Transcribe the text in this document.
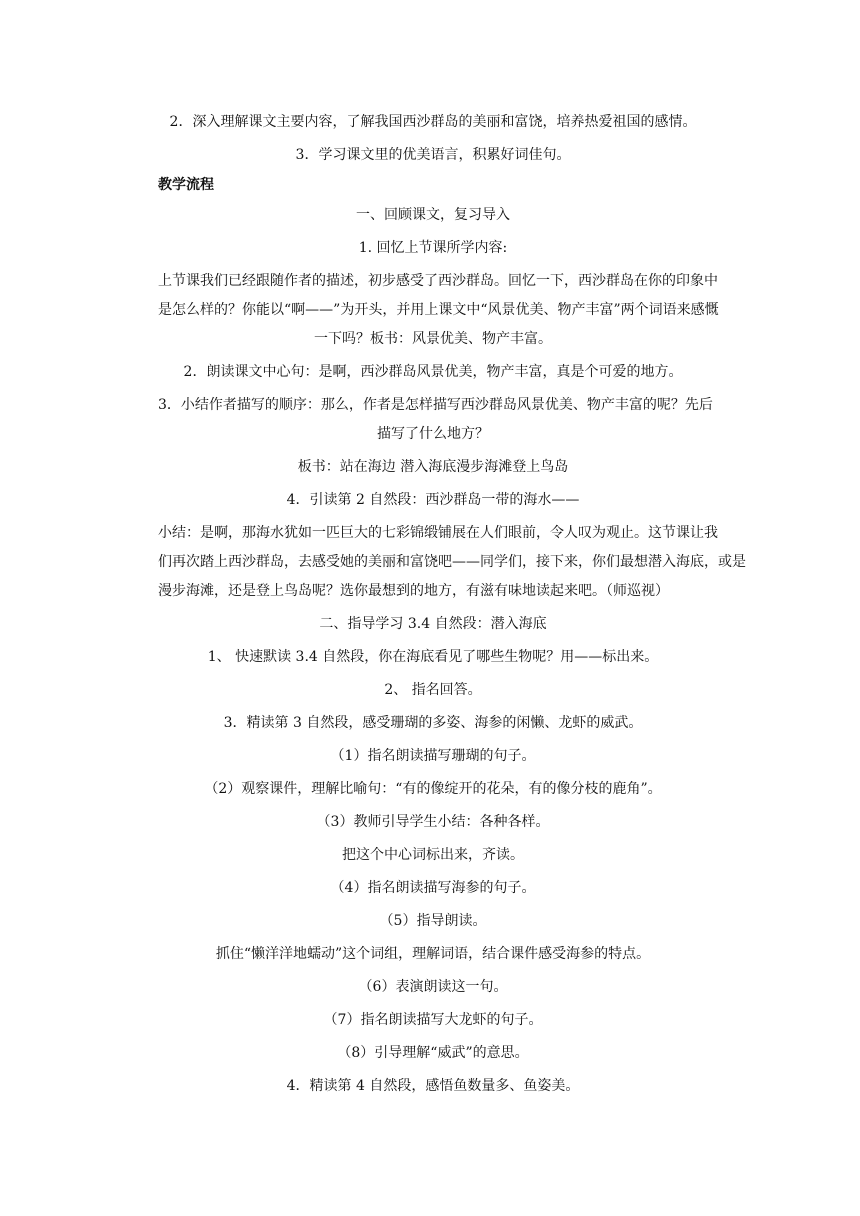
2．深入理解课文主要内容，了解我国西沙群岛的美丽和富饶，培养热爱祖国的感情。
3．学习课文里的优美语言，积累好词佳句。
教学流程
一、回顾课文，复习导入
1. 回忆上节课所学内容:
上节课我们已经跟随作者的描述，初步感受了西沙群岛。回忆一下，西沙群岛在你的印象中
是怎么样的？你能以“啊——”为开头，并用上课文中“风景优美、物产丰富”两个词语来感慨
一下吗？板书：风景优美、物产丰富。
2．朗读课文中心句：是啊，西沙群岛风景优美，物产丰富，真是个可爱的地方。
3．小结作者描写的顺序：那么，作者是怎样描写西沙群岛风景优美、物产丰富的呢？先后
描写了什么地方？
板书：站在海边 潜入海底漫步海滩登上鸟岛
4．引读第 2 自然段：西沙群岛一带的海水——
小结：是啊，那海水犹如一匹巨大的七彩锦缎铺展在人们眼前，令人叹为观止。这节课让我
们再次踏上西沙群岛，去感受她的美丽和富饶吧——同学们，接下来，你们最想潜入海底，或是
漫步海滩，还是登上鸟岛呢？选你最想到的地方，有滋有味地读起来吧。（师巡视）
二、指导学习 3.4 自然段：潜入海底
1、 快速默读 3.4 自然段，你在海底看见了哪些生物呢？用——标出来。
2、 指名回答。
3．精读第 3 自然段，感受珊瑚的多姿、海参的闲懒、龙虾的威武。
（1）指名朗读描写珊瑚的句子。
（2）观察课件，理解比喻句：“有的像绽开的花朵，有的像分枝的鹿角”。
（3）教师引导学生小结：各种各样。
把这个中心词标出来，齐读。
（4）指名朗读描写海参的句子。
（5）指导朗读。
抓住“懒洋洋地蠕动”这个词组，理解词语，结合课件感受海参的特点。
（6）表演朗读这一句。
（7）指名朗读描写大龙虾的句子。
（8）引导理解“威武”的意思。
4．精读第 4 自然段，感悟鱼数量多、鱼姿美。
